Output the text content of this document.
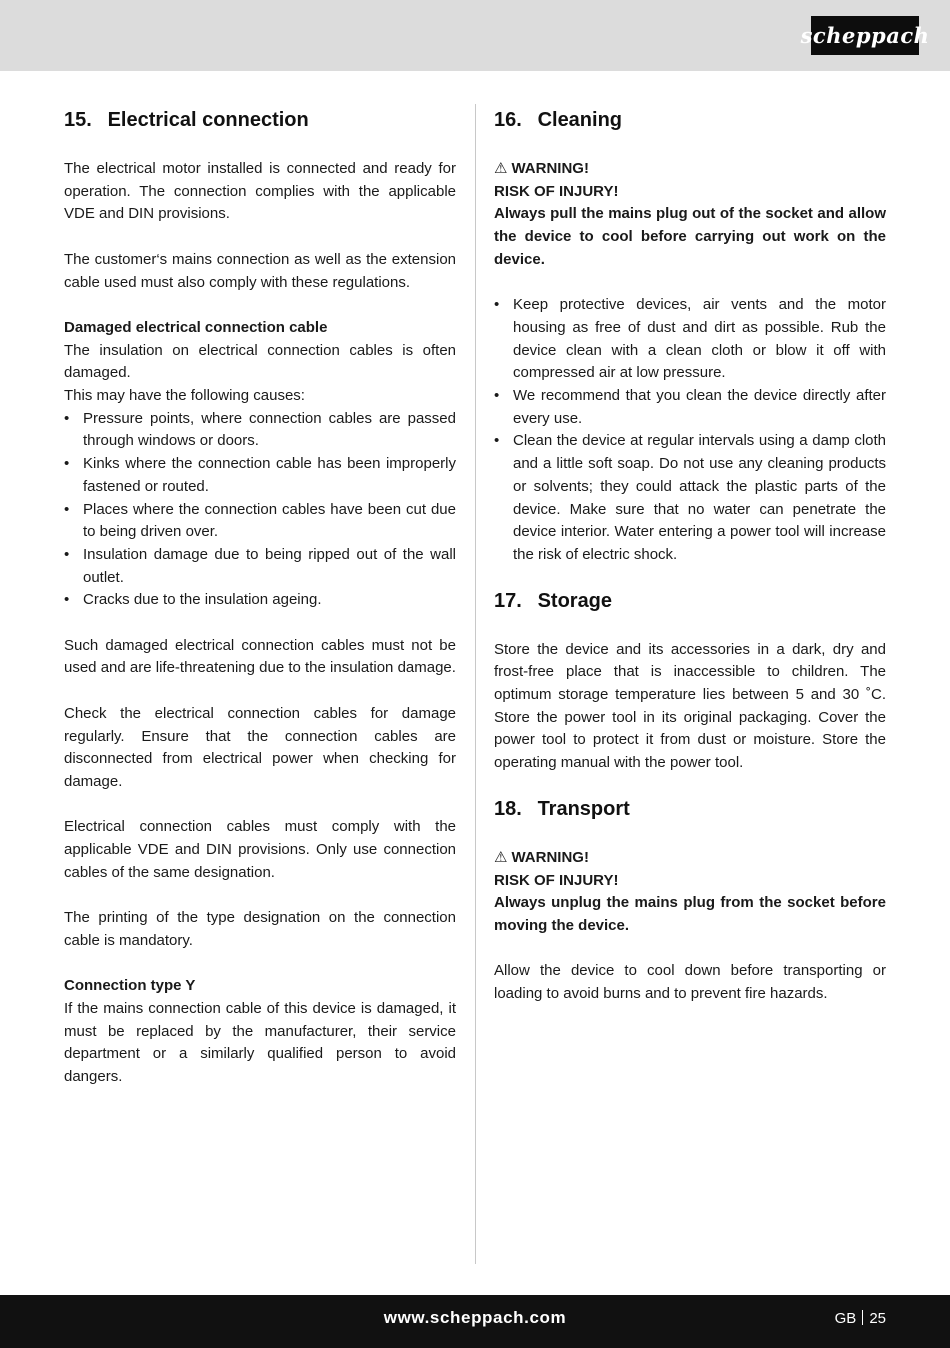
scheppach
15. Electrical connection

The electrical motor installed is connected and ready for operation. The connection complies with the applicable VDE and DIN provisions.

The customer‘s mains connection as well as the extension cable used must also comply with these regulations.

Damaged electrical connection cable

The insulation on electrical connection cables is often damaged.

This may have the following causes:

• Pressure points, where connection cables are passed through windows or doors.
• Kinks where the connection cable has been improperly fastened or routed.
• Places where the connection cables have been cut due to being driven over.
• Insulation damage due to being ripped out of the wall outlet.
• Cracks due to the insulation ageing.

Such damaged electrical connection cables must not be used and are life-threatening due to the insulation damage.

Check the electrical connection cables for damage regularly. Ensure that the connection cables are disconnected from electrical power when checking for damage.

Electrical connection cables must comply with the applicable VDE and DIN provisions. Only use connection cables of the same designation.

The printing of the type designation on the connection cable is mandatory.

Connection type Y

If the mains connection cable of this device is damaged, it must be replaced by the manufacturer, their service department or a similarly qualified person to avoid dangers.

16. Cleaning

⚠ WARNING!

RISK OF INJURY!

Always pull the mains plug out of the socket and allow the device to cool before carrying out work on the device.

• Keep protective devices, air vents and the motor housing as free of dust and dirt as possible. Rub the device clean with a clean cloth or blow it off with compressed air at low pressure.
• We recommend that you clean the device directly after every use.
• Clean the device at regular intervals using a damp cloth and a little soft soap. Do not use any cleaning products or solvents; they could attack the plastic parts of the device. Make sure that no water can penetrate the device interior. Water entering a power tool will increase the risk of electric shock.
17. Storage

Store the device and its accessories in a dark, dry and frost-free place that is inaccessible to children. The optimum storage temperature lies between 5 and 30 ˚C. Store the power tool in its original packaging. Cover the power tool to protect it from dust or moisture. Store the operating manual with the power tool.

18. Transport

⚠ WARNING!

RISK OF INJURY!

Always unplug the mains plug from the socket before moving the device.

Allow the device to cool down before transporting or loading to avoid burns and to prevent fire hazards.

www.scheppach.com	GB 25
